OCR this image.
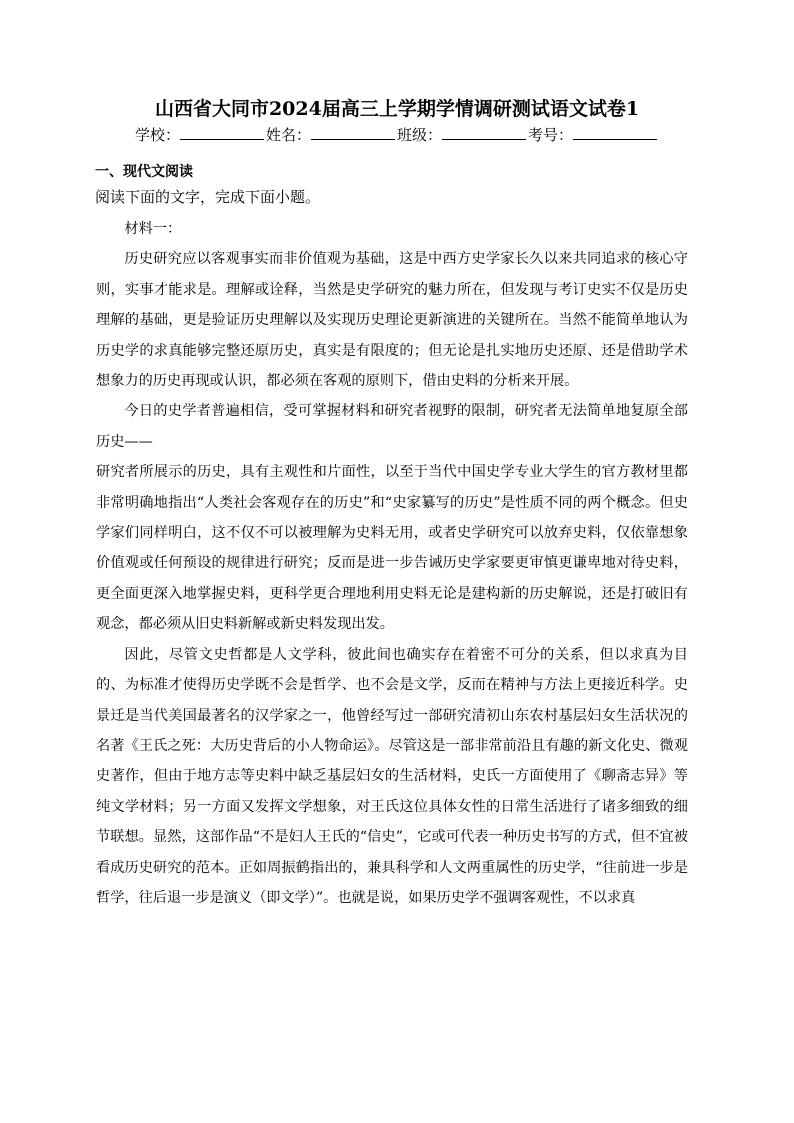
山西省大同市2024届高三上学期学情调研测试语文试卷1
学校：	姓名：	班级：	考号：
一、现代文阅读
阅读下面的文字，完成下面小题。

材料一：

历史研究应以客观事实而非价值观为基础，这是中西方史学家长久以来共同追求的核心守则，实事才能求是。理解或诠释，当然是史学研究的魅力所在，但发现与考订史实不仅是历史理解的基础，更是验证历史理解以及实现历史理论更新演进的关键所在。当然不能简单地认为历史学的求真能够完整还原历史，真实是有限度的；但无论是扎实地历史还原、还是借助学术想象力的历史再现或认识，都必须在客观的原则下，借由史料的分析来开展。

今日的史学者普遍相信，受可掌握材料和研究者视野的限制，研究者无法简单地复原全部历史——

研究者所展示的历史，具有主观性和片面性，以至于当代中国史学专业大学生的官方教材里都非常明确地指出“人类社会客观存在的历史”和“史家纂写的历史”是性质不同的两个概念。但史学家们同样明白，这不仅不可以被理解为史料无用，或者史学研究可以放弃史料，仅依靠想象价值观或任何预设的规律进行研究；反而是进一步告诫历史学家要更审慎更谦卑地对待史料，更全面更深入地掌握史料，更科学更合理地利用史料无论是建构新的历史解说，还是打破旧有观念，都必须从旧史料新解或新史料发现出发。

因此，尽管文史哲都是人文学科，彼此间也确实存在着密不可分的关系，但以求真为目的、为标准才使得历史学既不会是哲学、也不会是文学，反而在精神与方法上更接近科学。史景迁是当代美国最著名的汉学家之一，他曾经写过一部研究清初山东农村基层妇女生活状况的名著《王氏之死：大历史背后的小人物命运》。尽管这是一部非常前沿且有趣的新文化史、微观史著作，但由于地方志等史料中缺乏基层妇女的生活材料，史氏一方面使用了《聊斋志异》等纯文学材料；另一方面又发挥文学想象，对王氏这位具体女性的日常生活进行了诸多细致的细节联想。显然，这部作品“不是妇人王氏的“信史”，它或可代表一种历史书写的方式，但不宜被看成历史研究的范本。正如周振鹤指出的，兼具科学和人文两重属性的历史学，“往前进一步是哲学，往后退一步是演义（即文学）”。也就是说，如果历史学不强调客观性，不以求真
